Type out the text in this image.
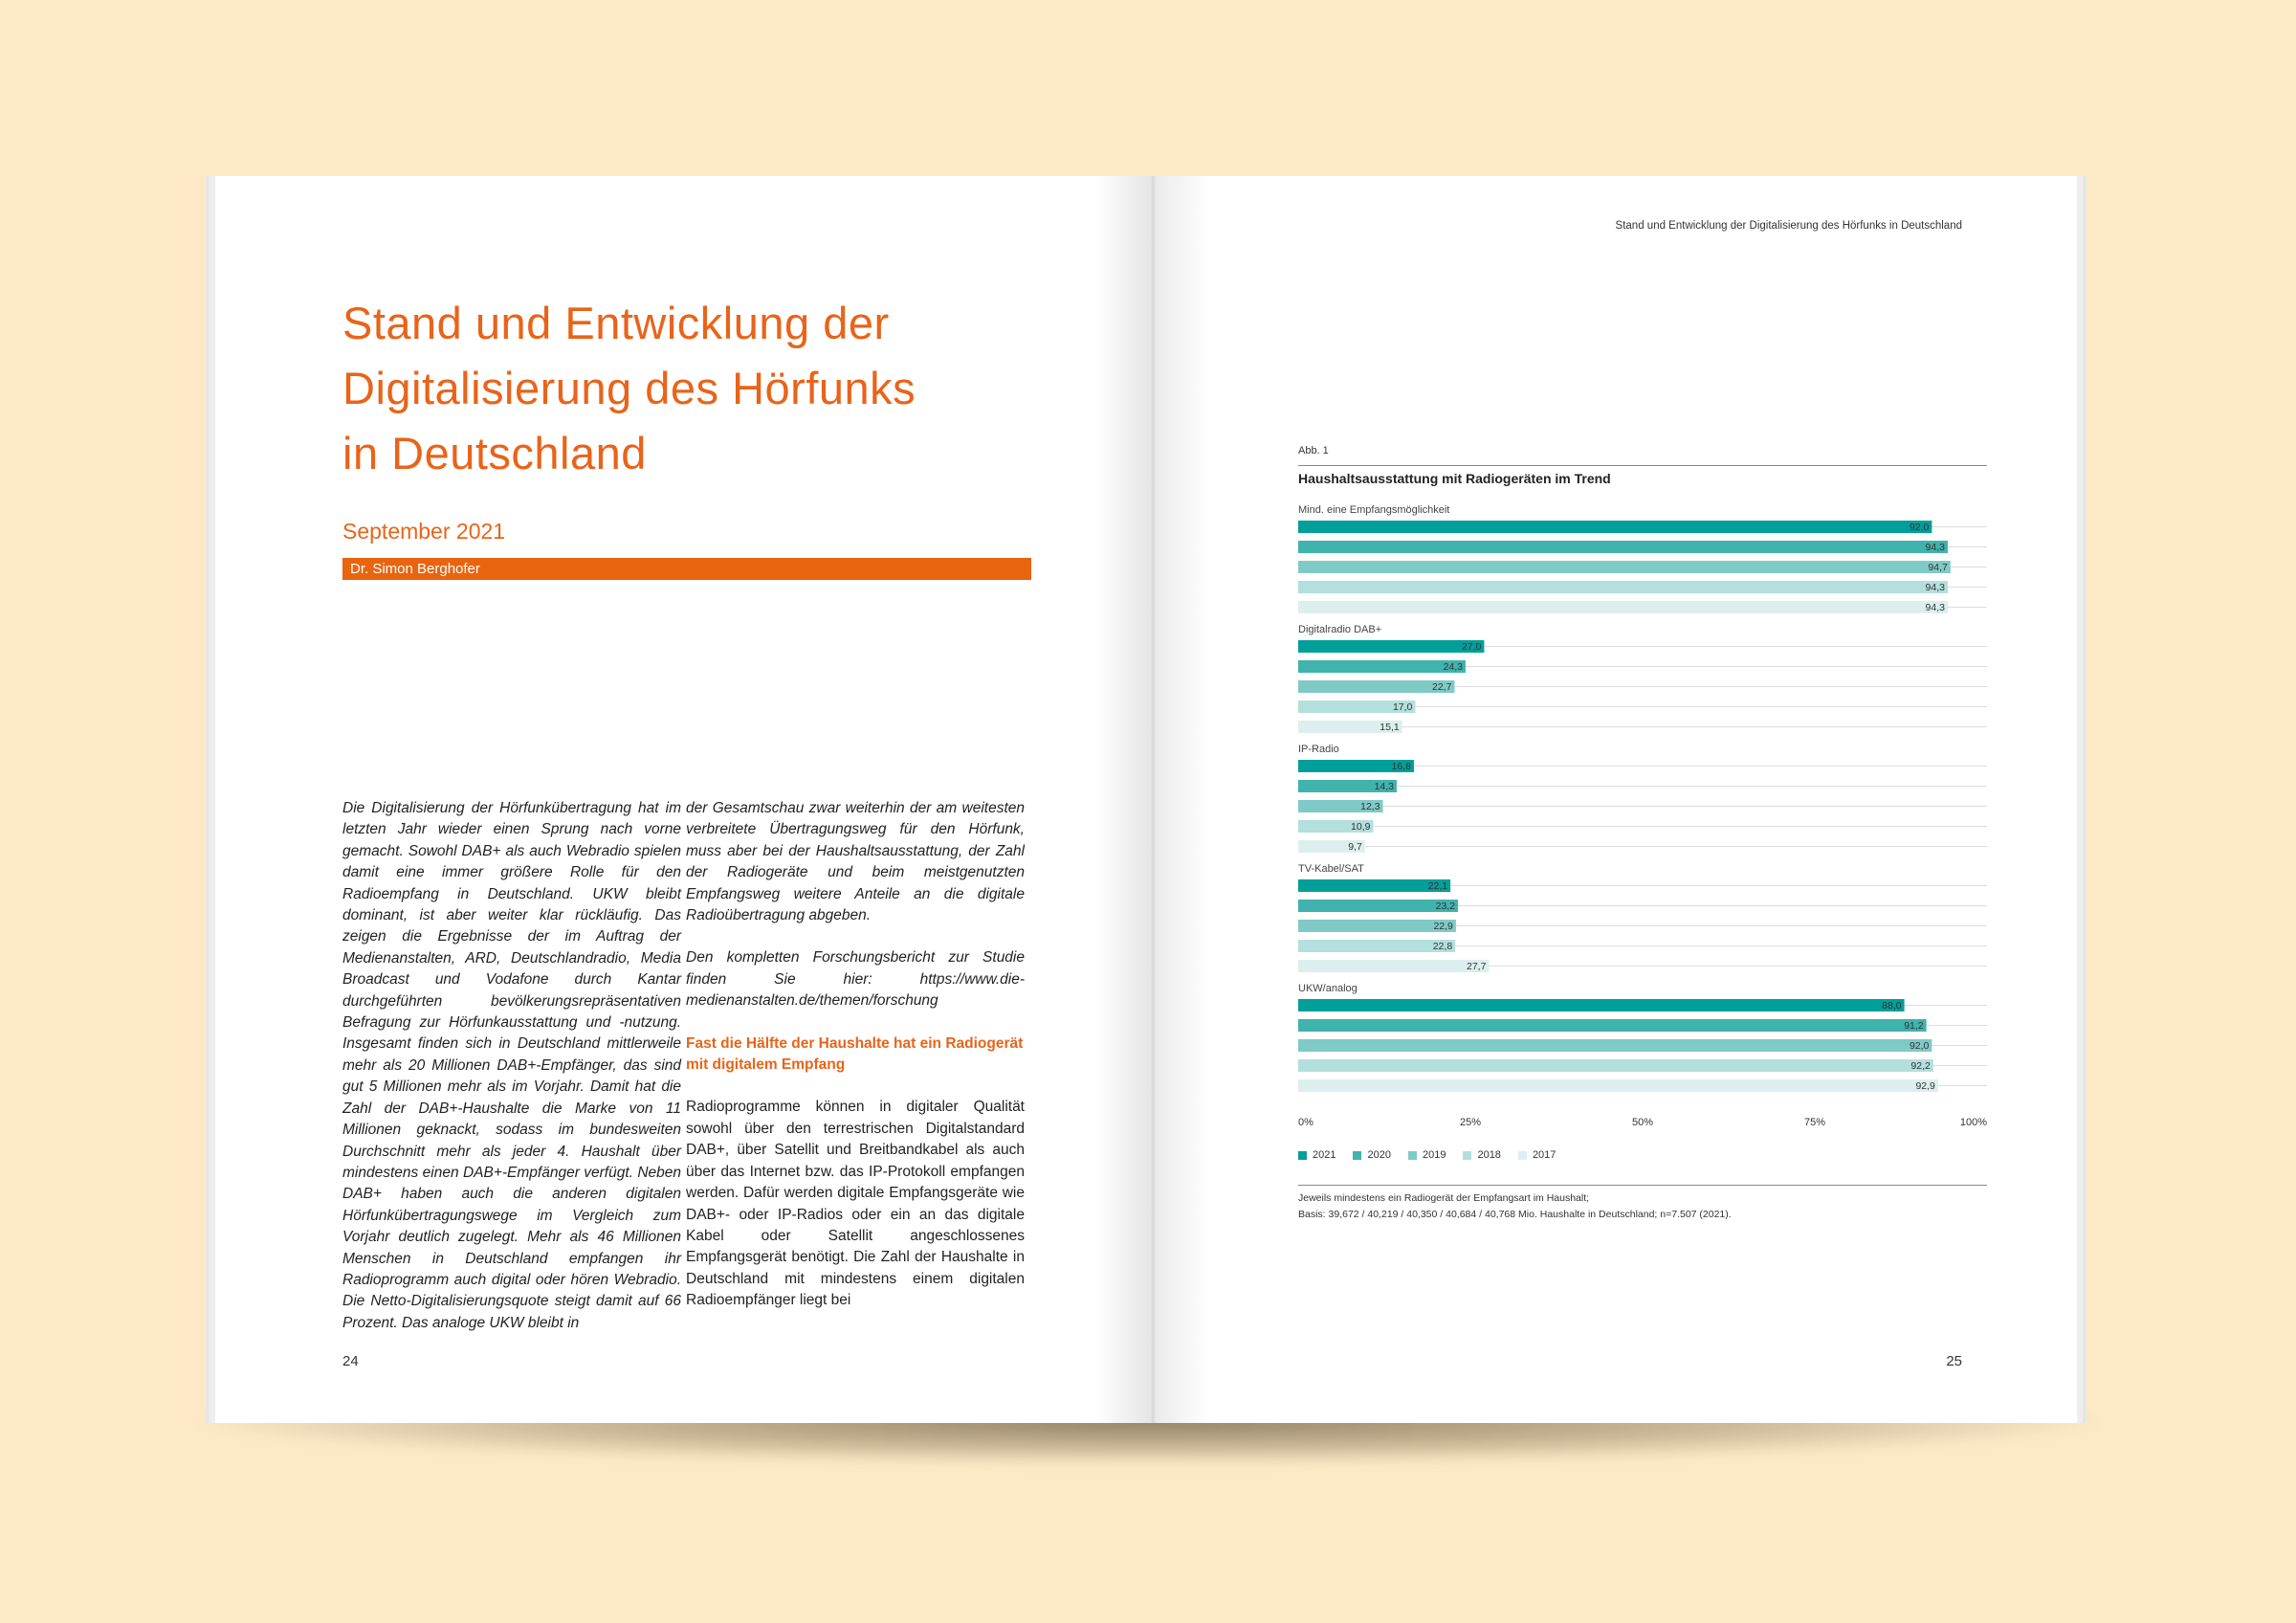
Stand und Entwicklung der
Digitalisierung des Hörfunks
in Deutschland
September 2021
Dr. Simon Berghofer

Die Digitalisierung der Hörfunkübertragung hat im letzten Jahr wieder einen Sprung nach vorne gemacht. Sowohl DAB+ als auch Webradio spielen damit eine immer größere Rolle für den Radioempfang in Deutschland. UKW bleibt dominant, ist aber weiter klar rückläufig. Das zeigen die Ergebnisse der im Auftrag der Medienanstalten, ARD, Deutschlandradio, Media Broadcast und Vodafone durch Kantar durchgeführten bevölkerungsrepräsentativen Befragung zur Hörfunkausstattung und -nutzung. Insgesamt finden sich in Deutschland mittlerweile mehr als 20 Millionen DAB+-Empfänger, das sind gut 5 Millionen mehr als im Vorjahr. Damit hat die Zahl der DAB+-Haushalte die Marke von 11 Millionen geknackt, sodass im bundesweiten Durchschnitt mehr als jeder 4. Haushalt über mindestens einen DAB+-Empfänger verfügt. Neben DAB+ haben auch die anderen digitalen Hörfunkübertragungswege im Vergleich zum Vorjahr deutlich zugelegt. Mehr als 46 Millionen Menschen in Deutschland empfangen ihr Radioprogramm auch digital oder hören Webradio. Die Netto-Digitalisierungsquote steigt damit auf 66 Prozent. Das analoge UKW bleibt in

der Gesamtschau zwar weiterhin der am weitesten verbreitete Übertragungsweg für den Hörfunk, muss aber bei der Haushaltsausstattung, der Zahl der Radiogeräte und beim meistgenutzten Empfangsweg weitere Anteile an die digitale Radioübertragung abgeben.

Den kompletten Forschungsbericht zur Studie finden Sie hier: https://www.die-medienanstalten.de/themen/forschung

Fast die Hälfte der Haushalte hat ein Radiogerät mit digitalem Empfang

Radioprogramme können in digitaler Qualität sowohl über den terrestrischen Digitalstandard DAB+, über Satellit und Breitbandkabel als auch über das Internet bzw. das IP-Protokoll empfangen werden. Dafür werden digitale Empfangsgeräte wie DAB+- oder IP-Radios oder ein an das digitale Kabel oder Satellit angeschlossenes Empfangsgerät benötigt. Die Zahl der Haushalte in Deutschland mit mindestens einem digitalen Radioempfänger liegt bei

24
Stand und Entwicklung der Digitalisierung des Hörfunks in Deutschland
Abb. 1
Haushaltsausstattung mit Radiogeräten im Trend
Mind. eine Empfangsmöglichkeit
92,0
94,3
94,7
94,3
94,3
Digitalradio DAB+
27,0
24,3
22,7
17,0
15,1
IP-Radio
16,8
14,3
12,3
10,9
9,7
TV-Kabel/SAT
22,1
23,2
22,9
22,8
27,7
UKW/analog
88,0
91,2
92,0
92,2
92,9
0%	25%	50%	75%	100%
2021	2020	2019	2018	2017
Jeweils mindestens ein Radiogerät der Empfangsart im Haushalt;
Basis: 39,672 / 40,219 / 40,350 / 40,684 / 40,768 Mio. Haushalte in Deutschland; n=7.507 (2021).
25
